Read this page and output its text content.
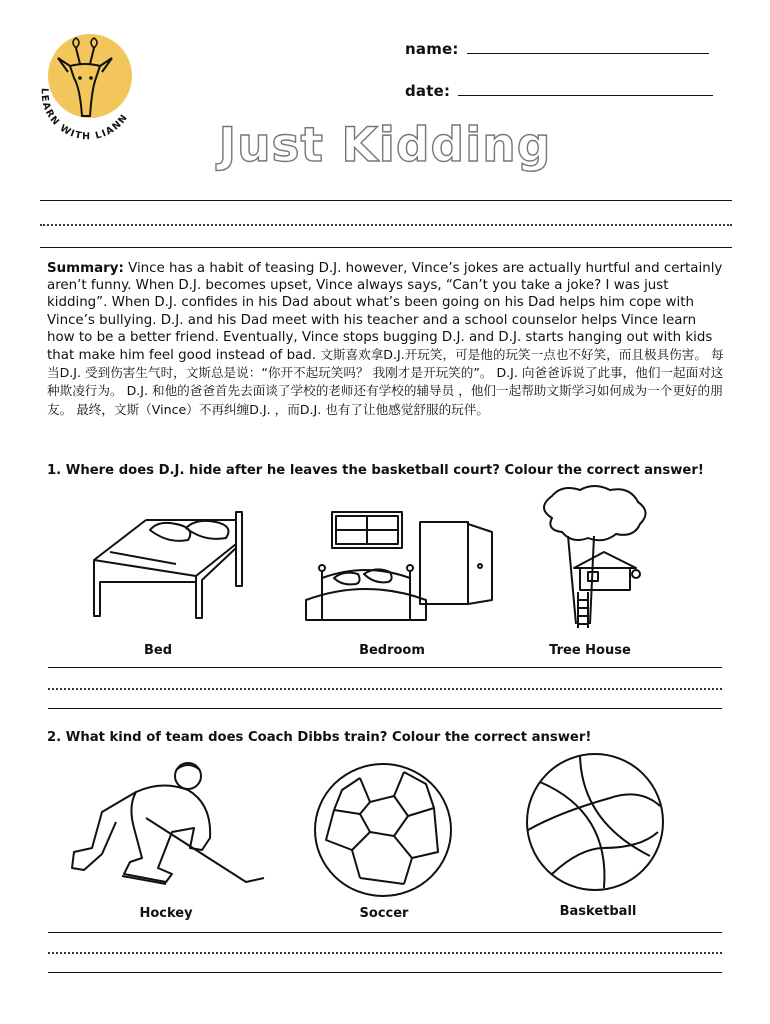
LEARN WITH LIANN
name:
date:
Just Kidding
Summary: Vince has a habit of teasing D.J. however, Vince’s jokes are actually hurtful and certainly aren’t funny. When D.J. becomes upset, Vince always says, “Can’t you take a joke? I was just kidding”. When D.J. confides in his Dad about what’s been going on his Dad helps him cope with Vince’s bullying. D.J. and his Dad meet with his teacher and a school counselor helps Vince learn how to be a better friend. Eventually, Vince stops bugging D.J. and D.J. starts hanging out with kids that make him feel good instead of bad. 文斯喜欢拿D.J.开玩笑，可是他的玩笑一点也不好笑，而且极具伤害。 每 当D.J. 受到伤害生气时，文斯总是说：“你开不起玩笑吗？ 我刚才是开玩笑的”。 D.J. 向爸爸诉说了此事，他们一起面对这种欺凌行为。 D.J. 和他的爸爸首先去面谈了学校的老师还有学校的辅导员 ，他们一起帮助文斯学习如何成为一个更好的朋友。 最终，文斯（Vince）不再纠缠D.J. ，而D.J. 也有了让他感觉舒服的玩伴。
1. Where does D.J. hide after he leaves the basketball court? Colour the correct answer!
Bed	Bedroom	Tree House
2. What kind of team does Coach Dibbs train? Colour the correct answer!
Hockey	Soccer	Basketball
